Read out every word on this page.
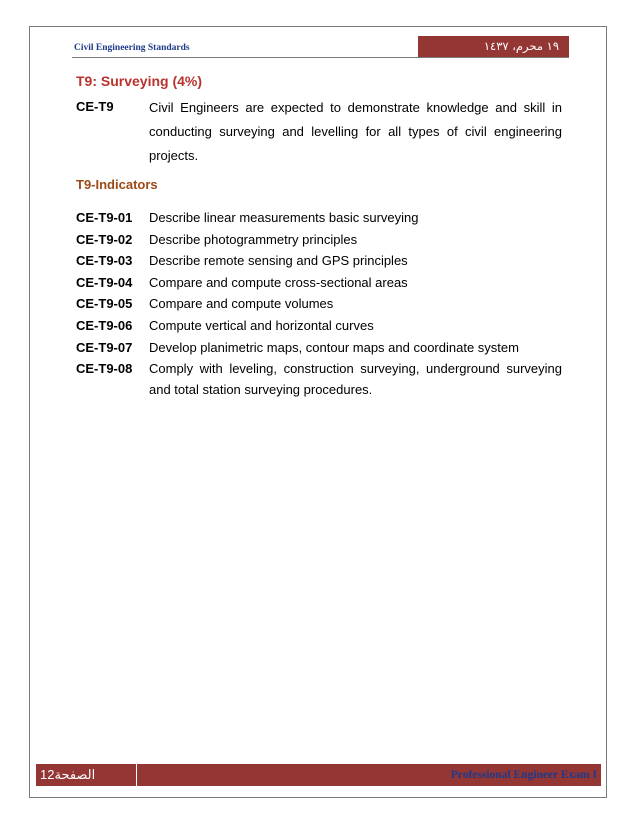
Civil Engineering Standards	١٩ محرم، ١٤٣٧
T9: Surveying (4%)
CE-T9	Civil Engineers are expected to demonstrate knowledge and skill in conducting surveying and levelling for all types of civil engineering projects.
T9-Indicators
CE-T9-01 Describe linear measurements basic surveying
CE-T9-02 Describe photogrammetry principles
CE-T9-03 Describe remote sensing and GPS principles
CE-T9-04 Compare and compute cross-sectional areas
CE-T9-05 Compare and compute volumes
CE-T9-06 Compute vertical and horizontal curves
CE-T9-07 Develop planimetric maps, contour maps and coordinate system
CE-T9-08 Comply with leveling, construction surveying, underground surveying and total station surveying procedures.
الصفحة12	Professional Engineer Exam I
